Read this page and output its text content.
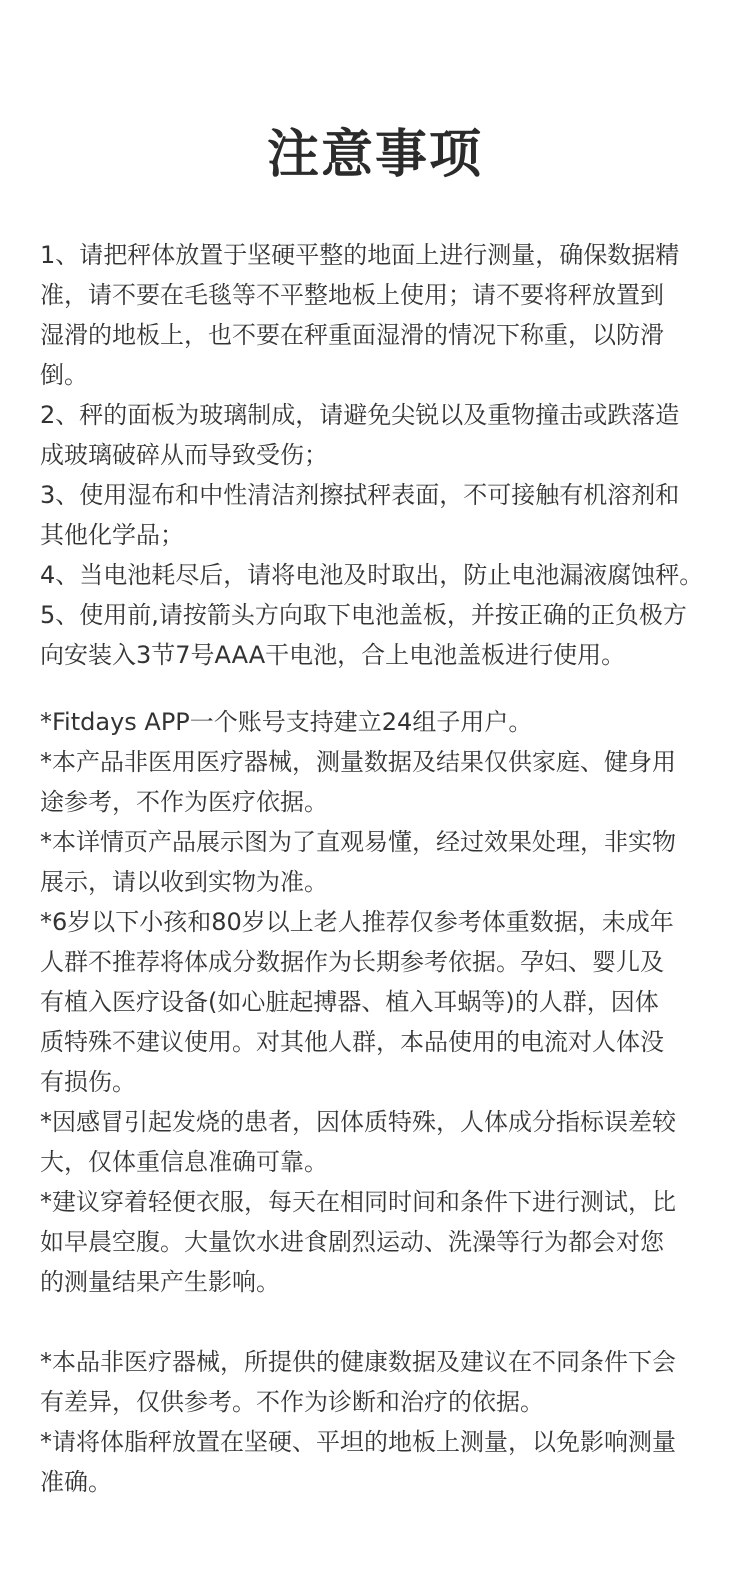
注意事项

1、请把秤体放置于坚硬平整的地面上进行测量，确保数据精
准，请不要在毛毯等不平整地板上使用；请不要将秤放置到
湿滑的地板上，也不要在秤重面湿滑的情况下称重，以防滑
倒。

2、秤的面板为玻璃制成，请避免尖锐以及重物撞击或跌落造
成玻璃破碎从而导致受伤；

3、使用湿布和中性清洁剂擦拭秤表面，不可接触有机溶剂和
其他化学品；

4、当电池耗尽后，请将电池及时取出，防止电池漏液腐蚀秤。

5、使用前,请按箭头方向取下电池盖板，并按正确的正负极方
向安装入3节7号AAA干电池，合上电池盖板进行使用。

*Fitdays APP一个账号支持建立24组子用户。

*本产品非医用医疗器械，测量数据及结果仅供家庭、健身用
途参考，不作为医疗依据。

*本详情页产品展示图为了直观易懂，经过效果处理，非实物
展示，请以收到实物为准。

*6岁以下小孩和80岁以上老人推荐仅参考体重数据，未成年
人群不推荐将体成分数据作为长期参考依据。孕妇、婴儿及
有植入医疗设备(如心脏起搏器、植入耳蜗等)的人群，因体
质特殊不建议使用。对其他人群，本品使用的电流对人体没
有损伤。

*因感冒引起发烧的患者，因体质特殊，人体成分指标误差较
大，仅体重信息准确可靠。

*建议穿着轻便衣服，每天在相同时间和条件下进行测试，比
如早晨空腹。大量饮水进食剧烈运动、洗澡等行为都会对您
的测量结果产生影响。

*本品非医疗器械，所提供的健康数据及建议在不同条件下会
有差异，仅供参考。不作为诊断和治疗的依据。

*请将体脂秤放置在坚硬、平坦的地板上测量，以免影响测量
准确。
